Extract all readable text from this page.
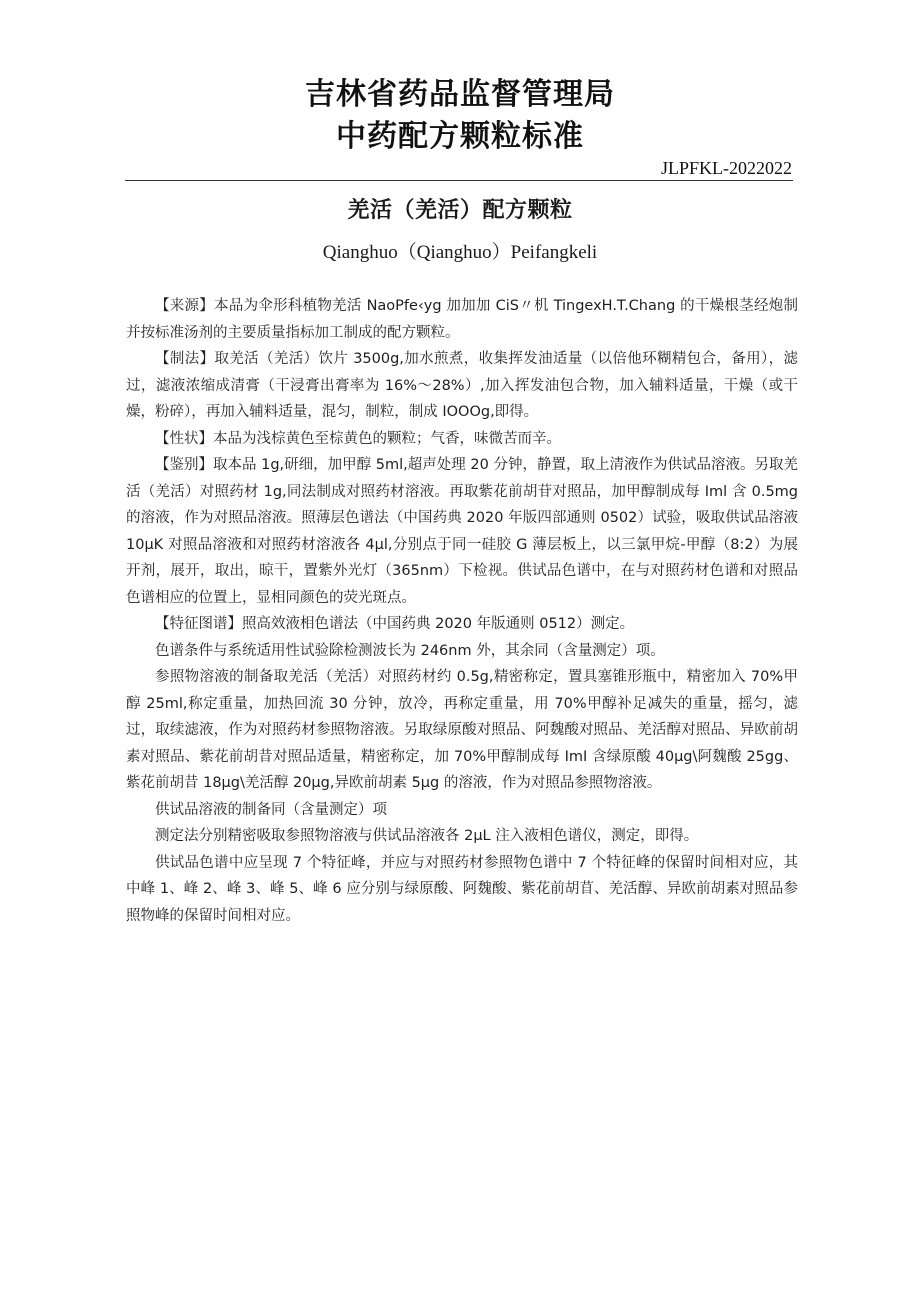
吉林省药品监督管理局
中药配方颗粒标准
JLPFKL-2022022
羌活（羌活）配方颗粒
Qianghuo（Qianghuo）Peifangkeli

【来源】本品为伞形科植物羌活 NaoPfe‹yg 加加加 CiS〃机 TingexH.T.Chang 的干燥根茎经炮制并按标准汤剂的主要质量指标加工制成的配方颗粒。

【制法】取羌活（羌活）饮片 3500g,加水煎煮，收集挥发油适量（以倍他环糊精包合，备用），滤过，滤液浓缩成清膏（干浸膏出膏率为 16%～28%）,加入挥发油包合物，加入辅料适量，干燥（或干燥，粉碎），再加入辅料适量，混匀，制粒，制成 IOOOg,即得。

【性状】本品为浅棕黄色至棕黄色的颗粒；气香，味微苦而辛。

【鉴别】取本品 1g,研细，加甲醇 5ml,超声处理 20 分钟，静置，取上清液作为供试品溶液。另取羌活（羌活）对照药材 1g,同法制成对照药材溶液。再取紫花前胡苷对照品，加甲醇制成每 Iml 含 0.5mg 的溶液，作为对照品溶液。照薄层色谱法（中国药典 2020 年版四部通则 0502）试验，吸取供试品溶液 10μK 对照品溶液和对照药材溶液各 4μl,分别点于同一硅胶 G 薄层板上，以三氯甲烷-甲醇（8:2）为展开剂，展开，取出，晾干，置紫外光灯（365nm）下检视。供试品色谱中，在与对照药材色谱和对照品色谱相应的位置上，显相同颜色的荧光斑点。

【特征图谱】照高效液相色谱法（中国药典 2020 年版通则 0512）测定。

色谱条件与系统适用性试验除检测波长为 246nm 外，其余同（含量测定）项。

参照物溶液的制备取羌活（羌活）对照药材约 0.5g,精密称定，置具塞锥形瓶中，精密加入 70%甲醇 25ml,称定重量，加热回流 30 分钟，放冷，再称定重量，用 70%甲醇补足减失的重量，摇匀，滤过，取续滤液，作为对照药材参照物溶液。另取绿原酸对照品、阿魏酸对照品、羌活醇对照品、异欧前胡素对照品、紫花前胡昔对照品适量，精密称定，加 70%甲醇制成每 ImI 含绿原酸 40μg\阿魏酸 25gg、紫花前胡昔 18μg\羌活醇 20μg,异欧前胡素 5μg 的溶液，作为对照品参照物溶液。

供试品溶液的制备同（含量测定）项

测定法分别精密吸取参照物溶液与供试品溶液各 2μL 注入液相色谱仪，测定，即得。

供试品色谱中应呈现 7 个特征峰，并应与对照药材参照物色谱中 7 个特征峰的保留时间相对应，其中峰 1、峰 2、峰 3、峰 5、峰 6 应分别与绿原酸、阿魏酸、紫花前胡苜、羌活醇、异欧前胡素对照品参照物峰的保留时间相对应。
